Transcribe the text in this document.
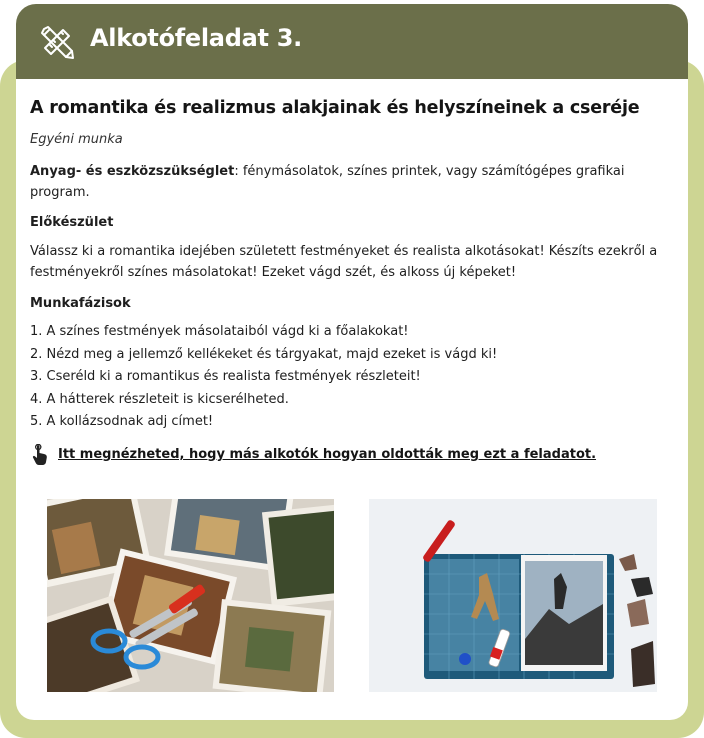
Alkotófeladat 3.
A romantika és realizmus alakjainak és helyszíneinek a cseréje
Egyéni munka
Anyag- és eszközszükséglet: fénymásolatok, színes printek, vagy számítógépes grafikai program.
Előkészület
Válassz ki a romantika idejében született festményeket és realista alkotásokat! Készíts ezekről a festményekről színes másolatokat! Ezeket vágd szét, és alkoss új képeket!
Munkafázisok
1. A színes festmények másolataiból vágd ki a főalakokat!
2. Nézd meg a jellemző kellékeket és tárgyakat, majd ezeket is vágd ki!
3. Cseréld ki a romantikus és realista festmények részleteit!
4. A hátterek részleteit is kicserélheted.
5. A kollázsodnak adj címet!
Itt megnézheted, hogy más alkotók hogyan oldották meg ezt a feladatot.
